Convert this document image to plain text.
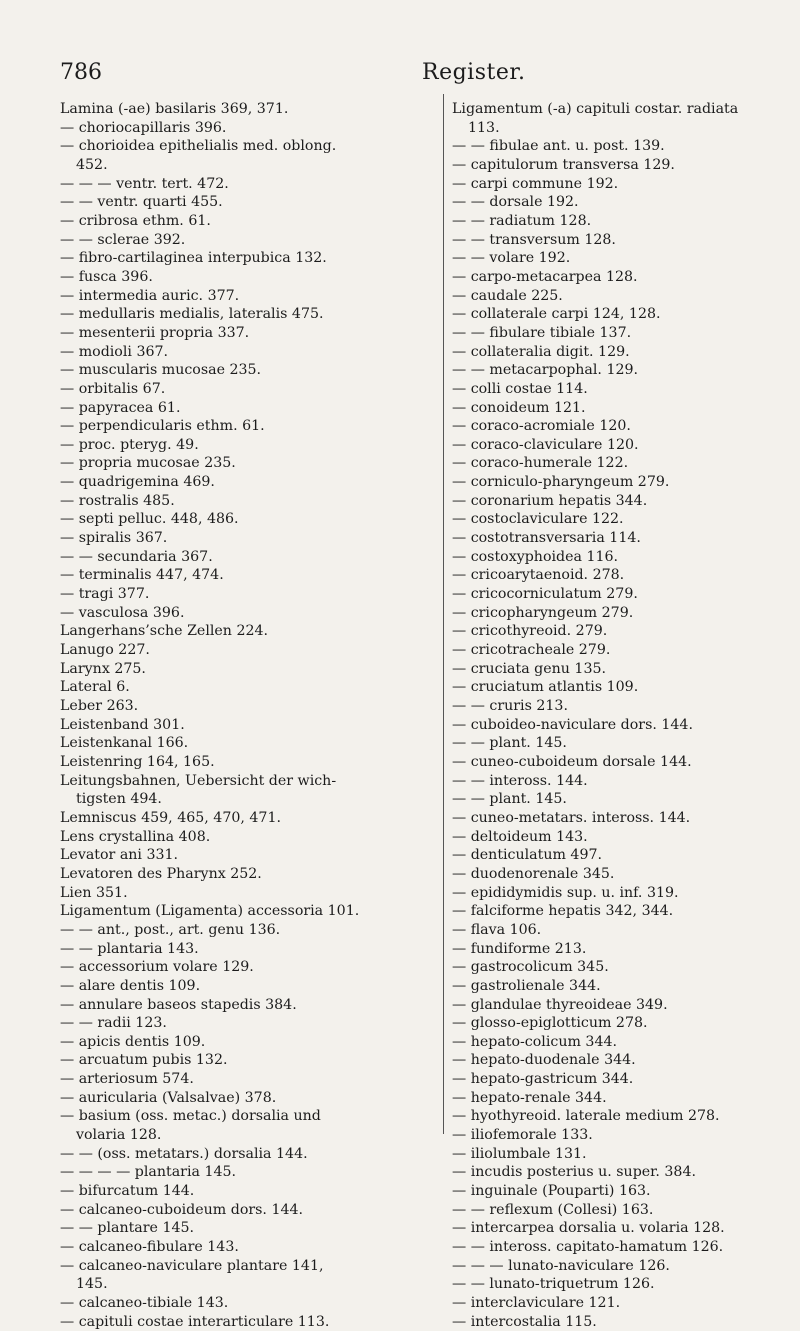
786	Register.
Lamina (-ae) basilaris 369, 371.
— choriocapillaris 396.
— chorioidea epithelialis med. oblong.
452.
— — — ventr. tert. 472.
— — ventr. quarti 455.
— cribrosa ethm. 61.
— — sclerae 392.
— fibro-cartilaginea interpubica 132.
— fusca 396.
— intermedia auric. 377.
— medullaris medialis, lateralis 475.
— mesenterii propria 337.
— modioli 367.
— muscularis mucosae 235.
— orbitalis 67.
— papyracea 61.
— perpendicularis ethm. 61.
— proc. pteryg. 49.
— propria mucosae 235.
— quadrigemina 469.
— rostralis 485.
— septi pelluc. 448, 486.
— spiralis 367.
— — secundaria 367.
— terminalis 447, 474.
— tragi 377.
— vasculosa 396.
Langerhans’sche Zellen 224.
Lanugo 227.
Larynx 275.
Lateral 6.
Leber 263.
Leistenband 301.
Leistenkanal 166.
Leistenring 164, 165.
Leitungsbahnen, Uebersicht der wich-
tigsten 494.
Lemniscus 459, 465, 470, 471.
Lens crystallina 408.
Levator ani 331.
Levatoren des Pharynx 252.
Lien 351.
Ligamentum (Ligamenta) accessoria 101.
— — ant., post., art. genu 136.
— — plantaria 143.
— accessorium volare 129.
— alare dentis 109.
— annulare baseos stapedis 384.
— — radii 123.
— apicis dentis 109.
— arcuatum pubis 132.
— arteriosum 574.
— auricularia (Valsalvae) 378.
— basium (oss. metac.) dorsalia und
volaria 128.
— — (oss. metatars.) dorsalia 144.
— — — — plantaria 145.
— bifurcatum 144.
— calcaneo-cuboideum dors. 144.
— — plantare 145.
— calcaneo-fibulare 143.
— calcaneo-naviculare plantare 141,
145.
— calcaneo-tibiale 143.
— capituli costae interarticulare 113.
Ligamentum (-a) capituli costar. radiata
113.
— — fibulae ant. u. post. 139.
— capitulorum transversa 129.
— carpi commune 192.
— — dorsale 192.
— — radiatum 128.
— — transversum 128.
— — volare 192.
— carpo-metacarpea 128.
— caudale 225.
— collaterale carpi 124, 128.
— — fibulare tibiale 137.
— collateralia digit. 129.
— — metacarpophal. 129.
— colli costae 114.
— conoideum 121.
— coraco-acromiale 120.
— coraco-claviculare 120.
— coraco-humerale 122.
— corniculo-pharyngeum 279.
— coronarium hepatis 344.
— costoclaviculare 122.
— costotransversaria 114.
— costoxyphoidea 116.
— cricoarytaenoid. 278.
— cricocorniculatum 279.
— cricopharyngeum 279.
— cricothyreoid. 279.
— cricotracheale 279.
— cruciata genu 135.
— cruciatum atlantis 109.
— — cruris 213.
— cuboideo-naviculare dors. 144.
— — plant. 145.
— cuneo-cuboideum dorsale 144.
— — inteross. 144.
— — plant. 145.
— cuneo-metatars. inteross. 144.
— deltoideum 143.
— denticulatum 497.
— duodenorenale 345.
— epididymidis sup. u. inf. 319.
— falciforme hepatis 342, 344.
— flava 106.
— fundiforme 213.
— gastrocolicum 345.
— gastrolienale 344.
— glandulae thyreoideae 349.
— glosso-epiglotticum 278.
— hepato-colicum 344.
— hepato-duodenale 344.
— hepato-gastricum 344.
— hepato-renale 344.
— hyothyreoid. laterale medium 278.
— iliofemorale 133.
— iliolumbale 131.
— incudis posterius u. super. 384.
— inguinale (Pouparti) 163.
— — reflexum (Collesi) 163.
— intercarpea dorsalia u. volaria 128.
— — inteross. capitato-hamatum 126.
— — — lunato-naviculare 126.
— — lunato-triquetrum 126.
— interclaviculare 121.
— intercostalia 115.
